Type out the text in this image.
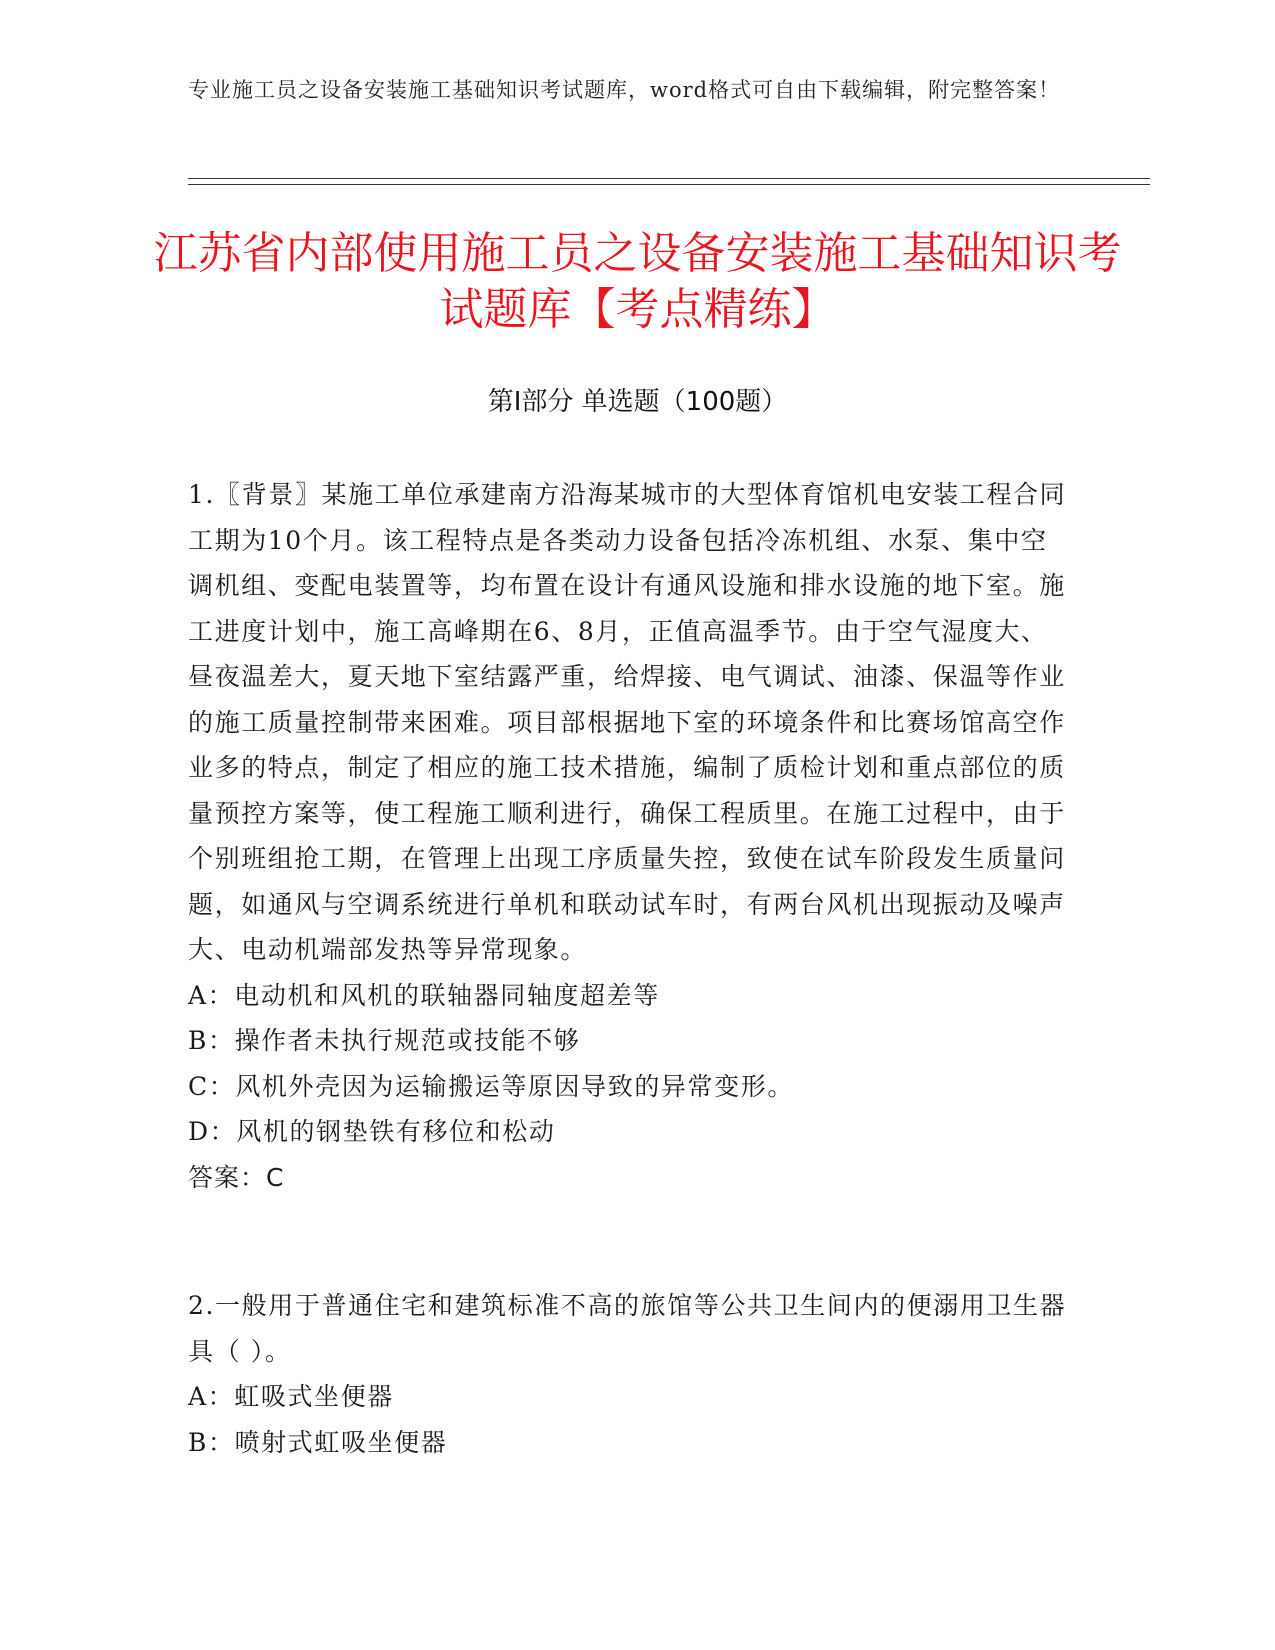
专业施工员之设备安装施工基础知识考试题库，word格式可自由下载编辑，附完整答案！
江苏省内部使用施工员之设备安装施工基础知识考试题库【考点精练】
第I部分 单选题（100题）

1.〖背景〗某施工单位承建南方沿海某城市的大型体育馆机电安装工程合同工期为10个月。该工程特点是各类动力设备包括冷冻机组、水泵、集中空调机组、变配电装置等，均布置在设计有通风设施和排水设施的地下室。施工进度计划中，施工高峰期在6、8月，正值高温季节。由于空气湿度大、昼夜温差大，夏天地下室结露严重，给焊接、电气调试、油漆、保温等作业的施工质量控制带来困难。项目部根据地下室的环境条件和比赛场馆高空作业多的特点，制定了相应的施工技术措施，编制了质检计划和重点部位的质量预控方案等，使工程施工顺利进行，确保工程质里。在施工过程中，由于个别班组抢工期，在管理上出现工序质量失控，致使在试车阶段发生质量问题，如通风与空调系统进行单机和联动试车时，有两台风机出现振动及噪声大、电动机端部发热等异常现象。

A：电动机和风机的联轴器同轴度超差等

B：操作者未执行规范或技能不够

C：风机外壳因为运输搬运等原因导致的异常变形。

D：风机的钢垫铁有移位和松动

答案：C

2.一般用于普通住宅和建筑标准不高的旅馆等公共卫生间内的便溺用卫生器具（ ）。

A：虹吸式坐便器

B：喷射式虹吸坐便器
